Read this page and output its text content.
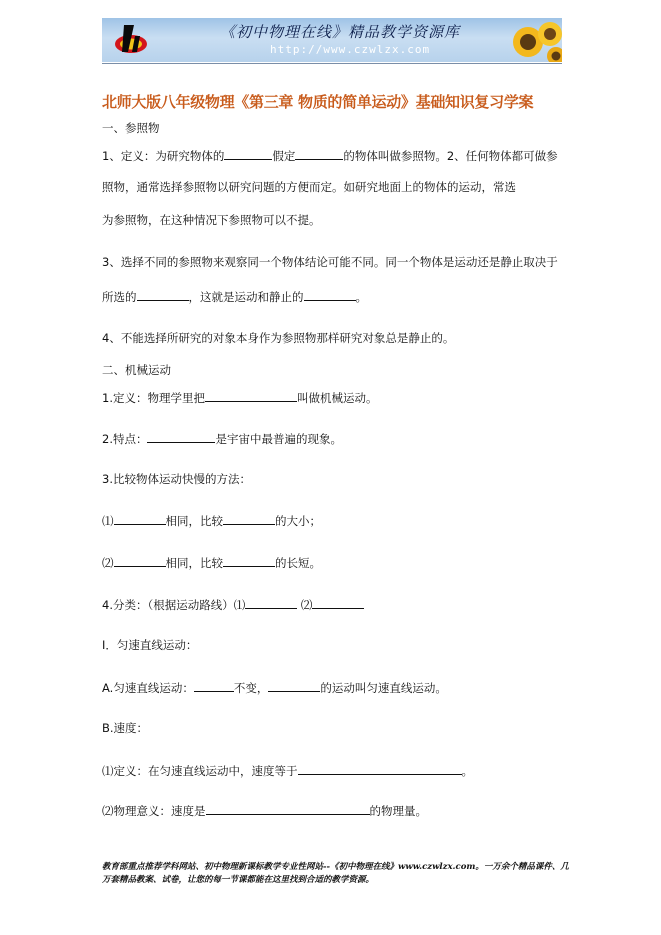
《初中物理在线》精品教学资源库
http://www.czwlzx.com
北师大版八年级物理《第三章 物质的简单运动》基础知识复习学案

一、参照物

1、定义：为研究物体的	假定	的物体叫做参照物。2、任何物体都可做参

照物，通常选择参照物以研究问题的方便而定。如研究地面上的物体的运动，常选

为参照物，在这种情况下参照物可以不提。

3、选择不同的参照物来观察同一个物体结论可能不同。同一个物体是运动还是静止取决于

所选的	，这就是运动和静止的	。

4、不能选择所研究的对象本身作为参照物那样研究对象总是静止的。

二、机械运动

1.定义：物理学里把	叫做机械运动。

2.特点：	是宇宙中最普遍的现象。

3.比较物体运动快慢的方法：

⑴	相同，比较	的大小；

⑵	相同，比较	的长短。

4.分类：（根据运动路线）⑴	⑵

Ⅰ．匀速直线运动：

A.匀速直线运动：	不变，	的运动叫匀速直线运动。

B.速度：

⑴定义：在匀速直线运动中，速度等于	。

⑵物理意义：速度是	的物理量。

教育部重点推荐学科网站、初中物理新课标教学专业性网站--《初中物理在线》www.czwlzx.com。一万余个精品课件、几万套精品教案、试卷，让您的每一节课都能在这里找到合适的教学资源。
